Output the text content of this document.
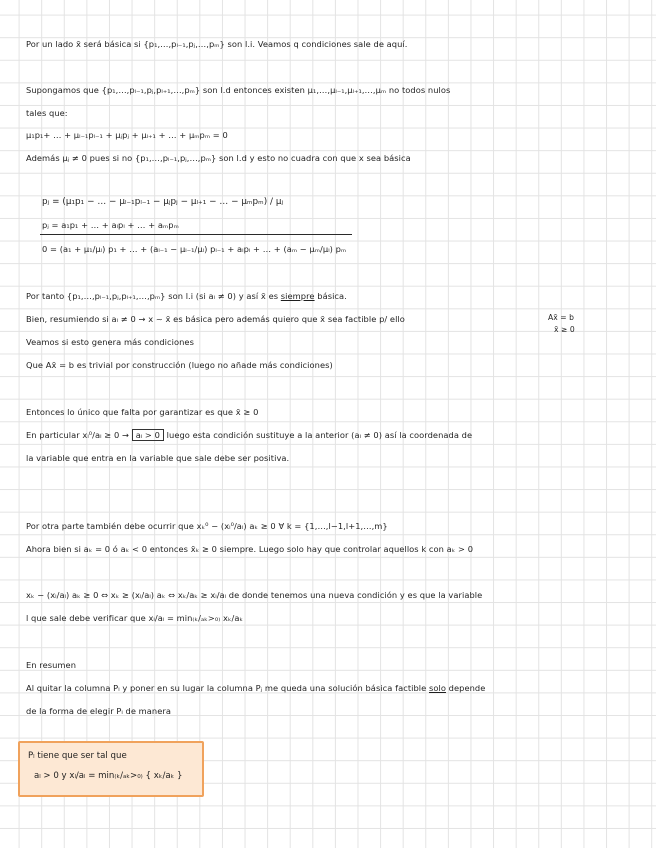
Por un lado x̄ será básica si {p₁,…,pₗ₋₁,pⱼ,…,pₘ} son l.i. Veamos q condiciones sale de aquí.
Supongamos que {p₁,…,pₗ₋₁,pⱼ,pₗ₊₁,…,pₘ} son l.d entonces existen μ₁,…,μₗ₋₁,μₗ₊₁,…,μₘ no todos nulos
tales que:
μ₁p₁+ … + μₗ₋₁pₗ₋₁ + μⱼpⱼ + μₗ₊₁ + … + μₘpₘ = 0
Además μⱼ ≠ 0 pues si no {p₁,…,pₗ₋₁,pⱼ,…,pₘ} son l.d y esto no cuadra con que x sea básica
pⱼ = (μ₁p₁ − … − μₗ₋₁pₗ₋₁ − μⱼpⱼ − μₗ₊₁ − … − μₘpₘ) / μⱼ
pⱼ = a₁p₁ + … + aₗpₗ + … + aₘpₘ
0 = (a₁ + μ₁/μₗ) p₁ + … + (aₗ₋₁ − μₗ₋₁/μₗ) pₗ₋₁ + aₗpₗ + … + (aₘ − μₘ/μₗ) pₘ
Por tanto {p₁,…,pₗ₋₁,pⱼ,pₗ₊₁,…,pₘ} son l.i (si aₗ ≠ 0) y así x̄ es siempre básica.
Bien, resumiendo si aₗ ≠ 0 → x ~ x̄ es básica pero además quiero que x̄ sea factible p/ ello	Ax̄ = b
x̄ ≥ 0
Veamos si esto genera más condiciones
Que Ax̄ = b es trivial por construcción (luego no añade más condiciones)
Entonces lo único que falta por garantizar es que x̄ ≥ 0
En particular xₗ⁰/aₗ ≥ 0 → aₗ > 0 luego esta condición sustituye a la anterior (aₗ ≠ 0) así la coordenada de
la variable que entra en la variable que sale debe ser positiva.
Por otra parte también debe ocurrir que xₖ⁰ − (xₗ⁰/aₗ) aₖ ≥ 0 ∀ k = {1,…,l−1,l+1,…,m}
Ahora bien si aₖ = 0 ó aₖ < 0 entonces x̄ₖ ≥ 0 siempre. Luego solo hay que controlar aquellos k con aₖ > 0
xₖ − (xₗ/aₗ) aₖ ≥ 0 ⇔ xₖ ≥ (xₗ/aₗ) aₖ ⇔ xₖ/aₖ ≥ xₗ/aₗ de donde tenemos una nueva condición y es que la variable
l que sale debe verificar que xₗ/aₗ = min₍ₖ/ₐₖ>₀₎ xₖ/aₖ
En resumen
Al quitar la columna Pₗ y poner en su lugar la columna Pⱼ me queda una solución básica factible solo depende
de la forma de elegir Pₗ de manera
Pₗ tiene que ser tal que
aₗ > 0 y xₗ/aₗ = min₍ₖ/ₐₖ>₀₎ { xₖ/aₖ }
